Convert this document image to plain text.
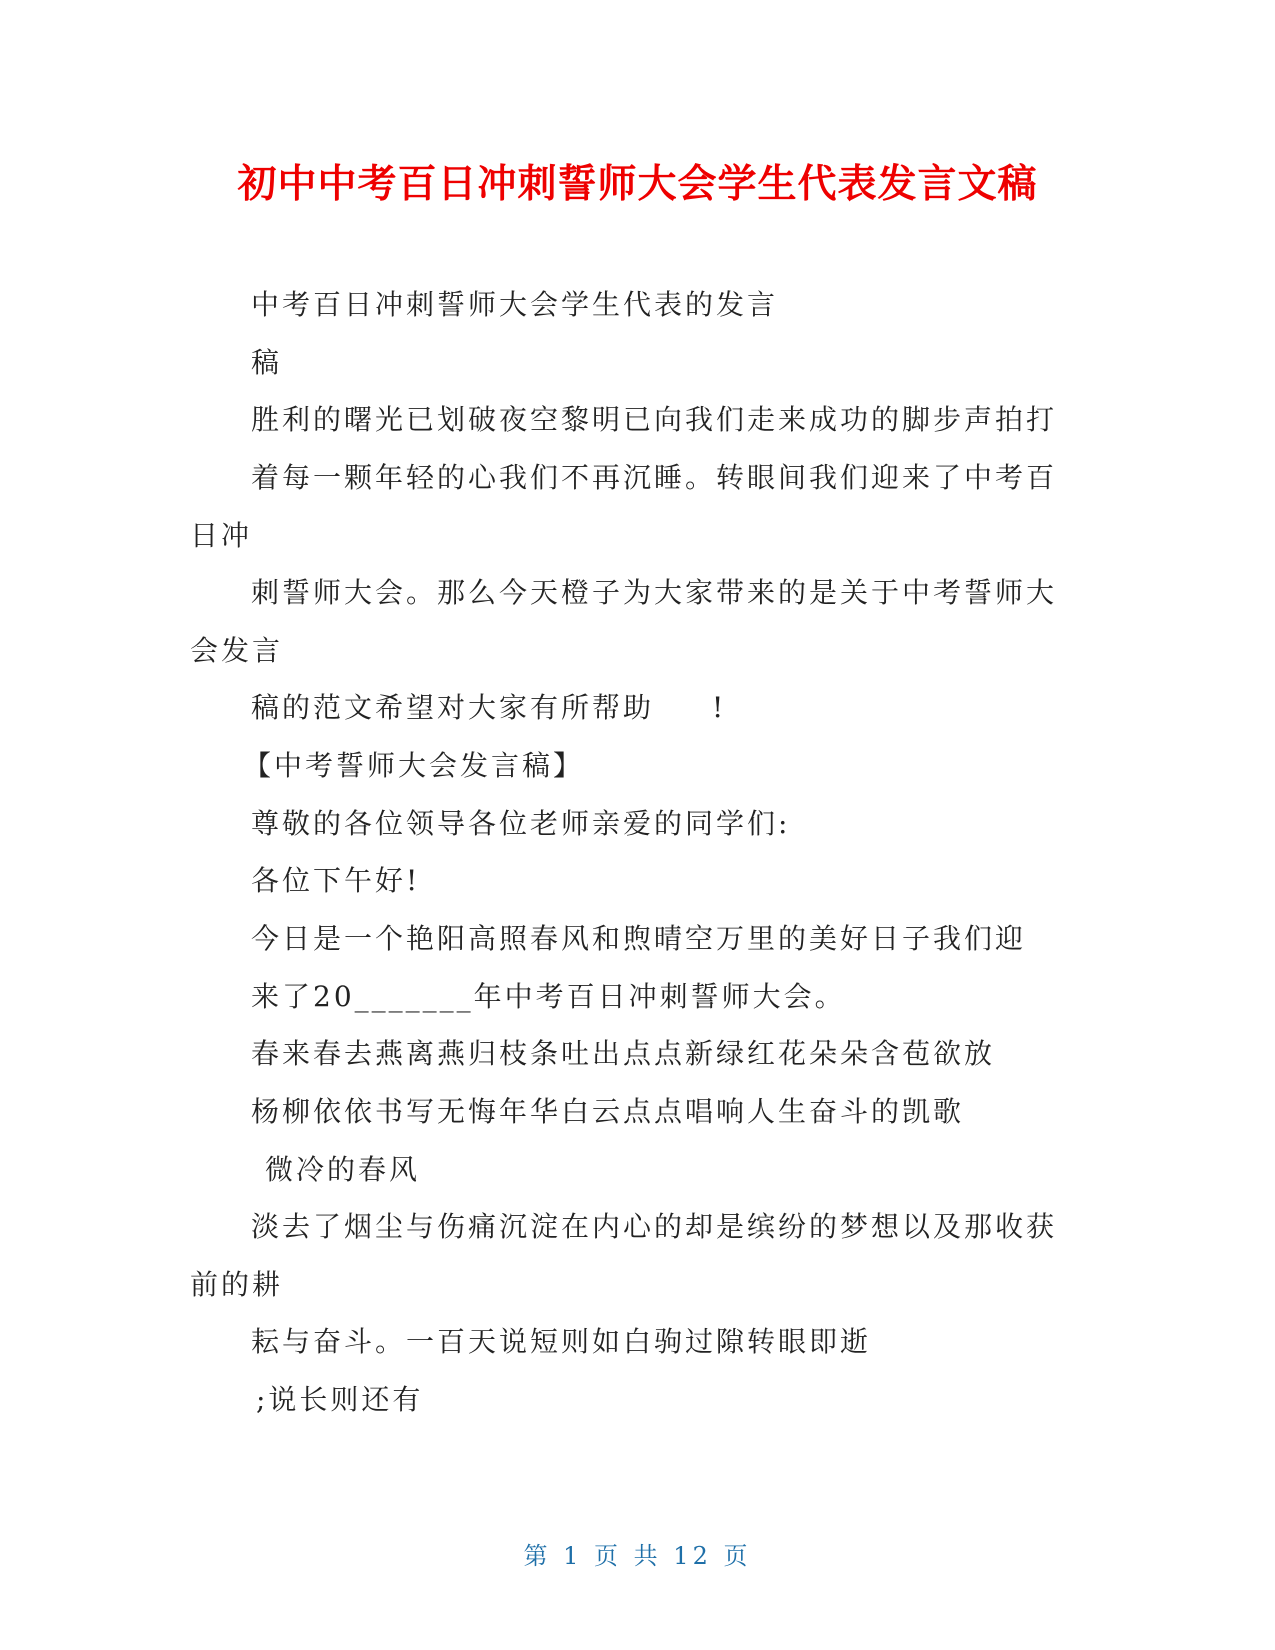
初中中考百日冲刺誓师大会学生代表发言文稿
中考百日冲刺誓师大会学生代表的发言
稿
胜利的曙光已划破夜空黎明已向我们走来成功的脚步声拍打
着每一颗年轻的心我们不再沉睡。转眼间我们迎来了中考百
日冲
刺誓师大会。那么今天橙子为大家带来的是关于中考誓师大
会发言
稿的范文希望对大家有所帮助 !
【中考誓师大会发言稿】
尊敬的各位领导各位老师亲爱的同学们:
各位下午好!
今日是一个艳阳高照春风和煦晴空万里的美好日子我们迎
来了20_______年中考百日冲刺誓师大会。
春来春去燕离燕归枝条吐出点点新绿红花朵朵含苞欲放
杨柳依依书写无悔年华白云点点唱响人生奋斗的凯歌
微冷的春风
淡去了烟尘与伤痛沉淀在内心的却是缤纷的梦想以及那收获
前的耕
耘与奋斗。一百天说短则如白驹过隙转眼即逝
;说长则还有
第 1 页 共 12 页
